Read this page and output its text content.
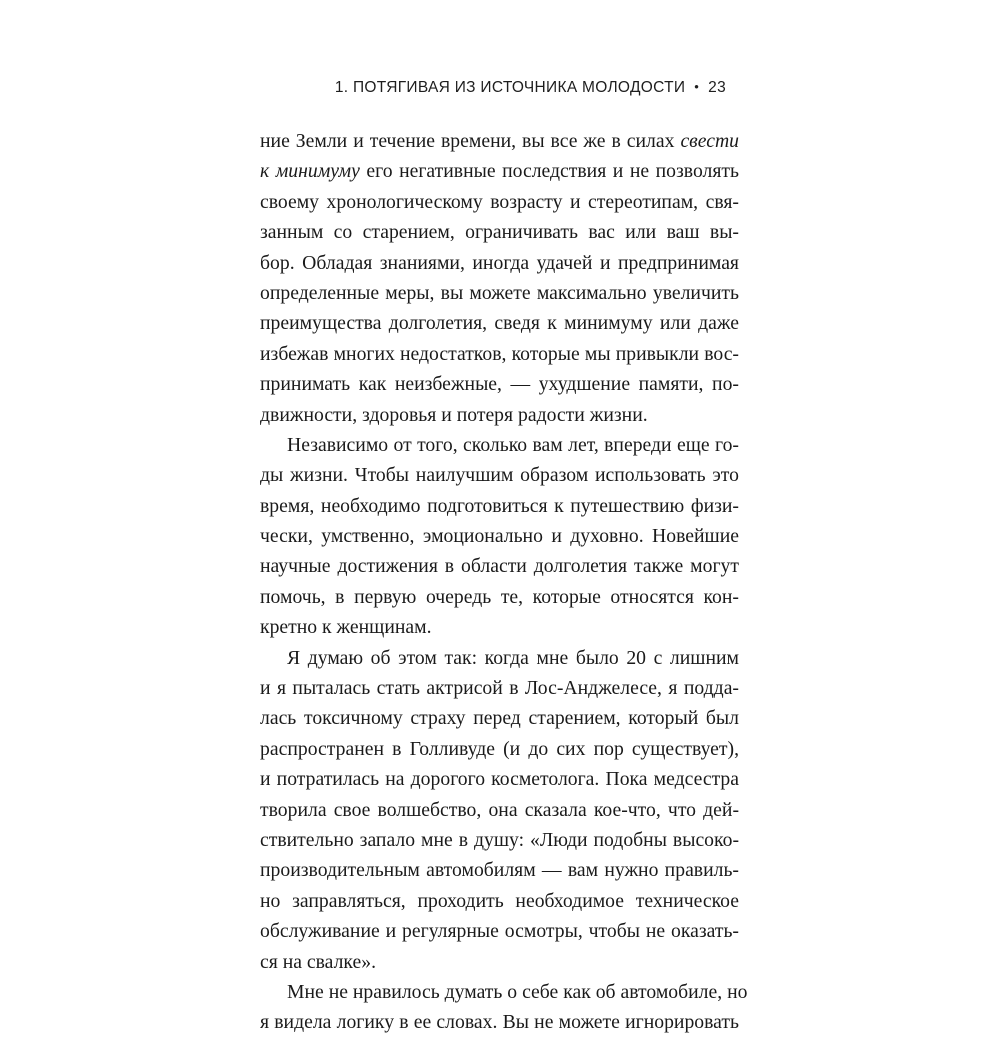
1. ПОТЯГИВАЯ ИЗ ИСТОЧНИКА МОЛОДОСТИ • 23
ние Земли и течение времени, вы все же в силах свести
к минимуму его негативные последствия и не позволять
своему хронологическому возрасту и стереотипам, свя-
занным со старением, ограничивать вас или ваш вы-
бор. Обладая знаниями, иногда удачей и предпринимая
определенные меры, вы можете максимально увеличить
преимущества долголетия, сведя к минимуму или даже
избежав многих недостатков, которые мы привыкли вос-
принимать как неизбежные, — ухудшение памяти, по-
движности, здоровья и потеря радости жизни.
Независимо от того, сколько вам лет, впереди еще го-
ды жизни. Чтобы наилучшим образом использовать это
время, необходимо подготовиться к путешествию физи-
чески, умственно, эмоционально и духовно. Новейшие
научные достижения в области долголетия также могут
помочь, в первую очередь те, которые относятся кон-
кретно к женщинам.
Я думаю об этом так: когда мне было 20 с лишним
и я пыталась стать актрисой в Лос-Анджелесе, я подда-
лась токсичному страху перед старением, который был
распространен в Голливуде (и до сих пор существует),
и потратилась на дорогого косметолога. Пока медсестра
творила свое волшебство, она сказала кое-что, что дей-
ствительно запало мне в душу: «Люди подобны высоко-
производительным автомобилям — вам нужно правиль-
но заправляться, проходить необходимое техническое
обслуживание и регулярные осмотры, чтобы не оказать-
ся на свалке».
Мне не нравилось думать о себе как об автомобиле, но
я видела логику в ее словах. Вы не можете игнорировать
